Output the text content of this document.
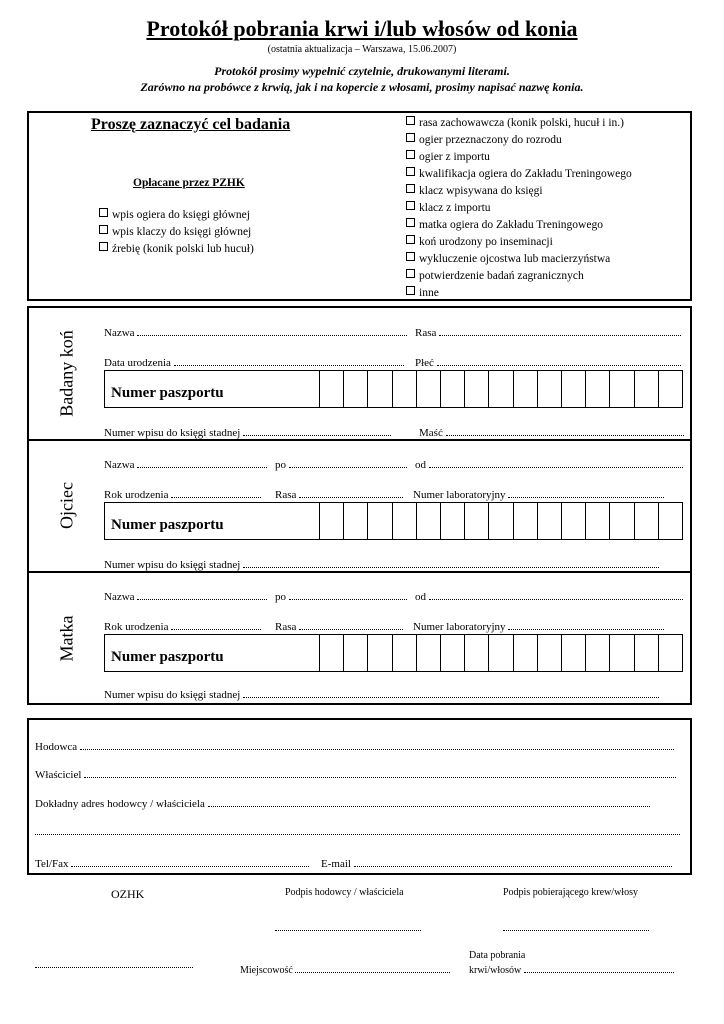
Protokół pobrania krwi i/lub włosów od konia
(ostatnia aktualizacja – Warszawa, 15.06.2007)
Protokół prosimy wypełnić czytelnie, drukowanymi literami.
Zarówno na probówce z krwią, jak i na kopercie z włosami, prosimy napisać nazwę konia.
Proszę zaznaczyć cel badania
Opłacane przez PZHK
wpis ogiera do księgi głównej
wpis klaczy do księgi głównej
źrebię (konik polski lub hucuł)
rasa zachowawcza (konik polski, hucuł i in.)
ogier przeznaczony do rozrodu
ogier z importu
kwalifikacja ogiera do Zakładu Treningowego
klacz wpisywana do księgi
klacz z importu
matka ogiera do Zakładu Treningowego
koń urodzony po inseminacji
wykluczenie ojcostwa lub macierzyństwa
potwierdzenie badań zagranicznych
inne
Badany koń	Nazwa	Rasa
Data urodzenia	Płeć
Numer paszportu
Numer wpisu do księgi stadnej	Maść
Ojciec
Nazwa	po	od
Rok urodzenia	Rasa	Numer laboratoryjny
Numer paszportu
Numer wpisu do księgi stadnej
Matka
Nazwa	po	od
Rok urodzenia	Rasa	Numer laboratoryjny
Numer paszportu
Numer wpisu do księgi stadnej
Hodowca
Właściciel
Dokładny adres hodowcy / właściciela
Tel/Fax	E-mail
OZHK	Podpis hodowcy / właściciela	Podpis pobierającego krew/włosy
Miejscowość
Data pobrania
krwi/włosów
